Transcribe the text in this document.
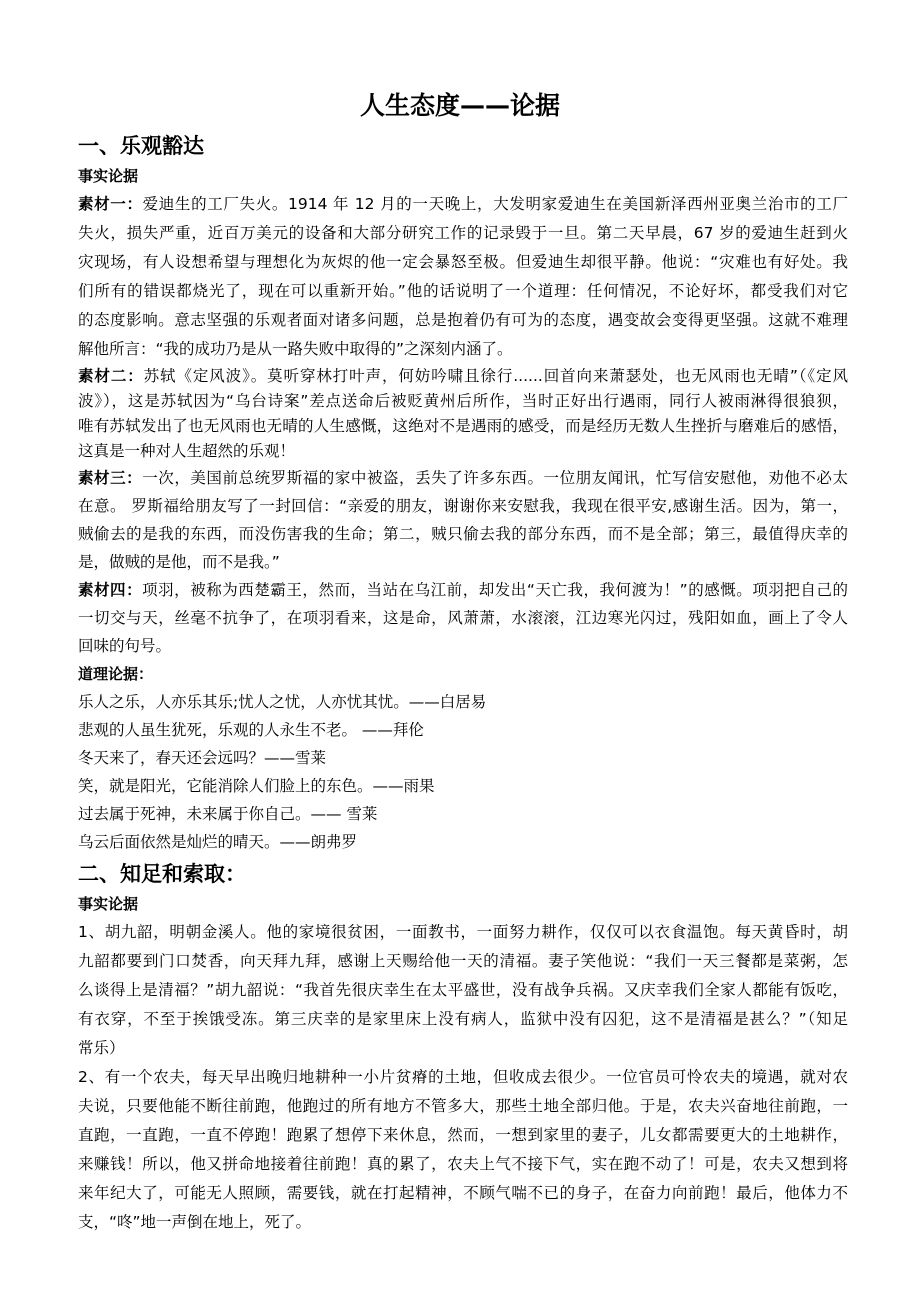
人生态度——论据
一、乐观豁达
事实论据
素材一：爱迪生的工厂失火。1914 年 12 月的一天晚上，大发明家爱迪生在美国新泽西州亚奥兰治市的工厂
失火，损失严重，近百万美元的设备和大部分研究工作的记录毁于一旦。第二天早晨，67 岁的爱迪生赶到火
灾现场，有人设想希望与理想化为灰烬的他一定会暴怒至极。但爱迪生却很平静。他说：“灾难也有好处。我
们所有的错误都烧光了，现在可以重新开始。”他的话说明了一个道理：任何情况，不论好坏，都受我们对它
的态度影响。意志坚强的乐观者面对诸多问题，总是抱着仍有可为的态度，遇变故会变得更坚强。这就不难理
解他所言：“我的成功乃是从一路失败中取得的”之深刻内涵了。
素材二：苏轼《定风波》。莫听穿林打叶声，何妨吟啸且徐行......回首向来萧瑟处，也无风雨也无晴”（《定风
波》），这是苏轼因为“乌台诗案”差点送命后被贬黄州后所作，当时正好出行遇雨，同行人被雨淋得很狼狈，
唯有苏轼发出了也无风雨也无晴的人生感慨，这绝对不是遇雨的感受，而是经历无数人生挫折与磨难后的感悟，
这真是一种对人生超然的乐观！
素材三：一次，美国前总统罗斯福的家中被盗，丢失了许多东西。一位朋友闻讯，忙写信安慰他，劝他不必太
在意。 罗斯福给朋友写了一封回信：“亲爱的朋友，谢谢你来安慰我，我现在很平安,感谢生活。因为，第一，
贼偷去的是我的东西，而没伤害我的生命；第二，贼只偷去我的部分东西，而不是全部；第三，最值得庆幸的
是，做贼的是他，而不是我。”
素材四：项羽，被称为西楚霸王，然而，当站在乌江前，却发出“天亡我，我何渡为！”的感慨。项羽把自己的
一切交与天，丝毫不抗争了，在项羽看来，这是命，风萧萧，水滚滚，江边寒光闪过，残阳如血，画上了令人
回味的句号。
道理论据：
乐人之乐，人亦乐其乐;忧人之忧，人亦忧其忧。——白居易
悲观的人虽生犹死，乐观的人永生不老。 ——拜伦
冬天来了，春天还会远吗？——雪莱
笑，就是阳光，它能消除人们脸上的东色。——雨果
过去属于死神，未来属于你自己。—— 雪莱
乌云后面依然是灿烂的晴天。——朗弗罗
二、知足和索取：
事实论据
1、胡九韶，明朝金溪人。他的家境很贫困，一面教书，一面努力耕作，仅仅可以衣食温饱。每天黄昏时，胡
九韶都要到门口焚香，向天拜九拜，感谢上天赐给他一天的清福。妻子笑他说：“我们一天三餐都是菜粥，怎
么谈得上是清福？”胡九韶说：“我首先很庆幸生在太平盛世，没有战争兵祸。又庆幸我们全家人都能有饭吃，
有衣穿，不至于挨饿受冻。第三庆幸的是家里床上没有病人，监狱中没有囚犯，这不是清福是甚么？”（知足
常乐）
2、有一个农夫，每天早出晚归地耕种一小片贫瘠的土地，但收成去很少。一位官员可怜农夫的境遇，就对农
夫说，只要他能不断往前跑，他跑过的所有地方不管多大，那些土地全部归他。于是，农夫兴奋地往前跑，一
直跑，一直跑，一直不停跑！跑累了想停下来休息，然而，一想到家里的妻子，儿女都需要更大的土地耕作，
来赚钱！所以，他又拼命地接着往前跑！真的累了，农夫上气不接下气，实在跑不动了！可是，农夫又想到将
来年纪大了，可能无人照顾，需要钱，就在打起精神，不顾气喘不已的身子，在奋力向前跑！最后，他体力不
支，“咚”地一声倒在地上，死了。
